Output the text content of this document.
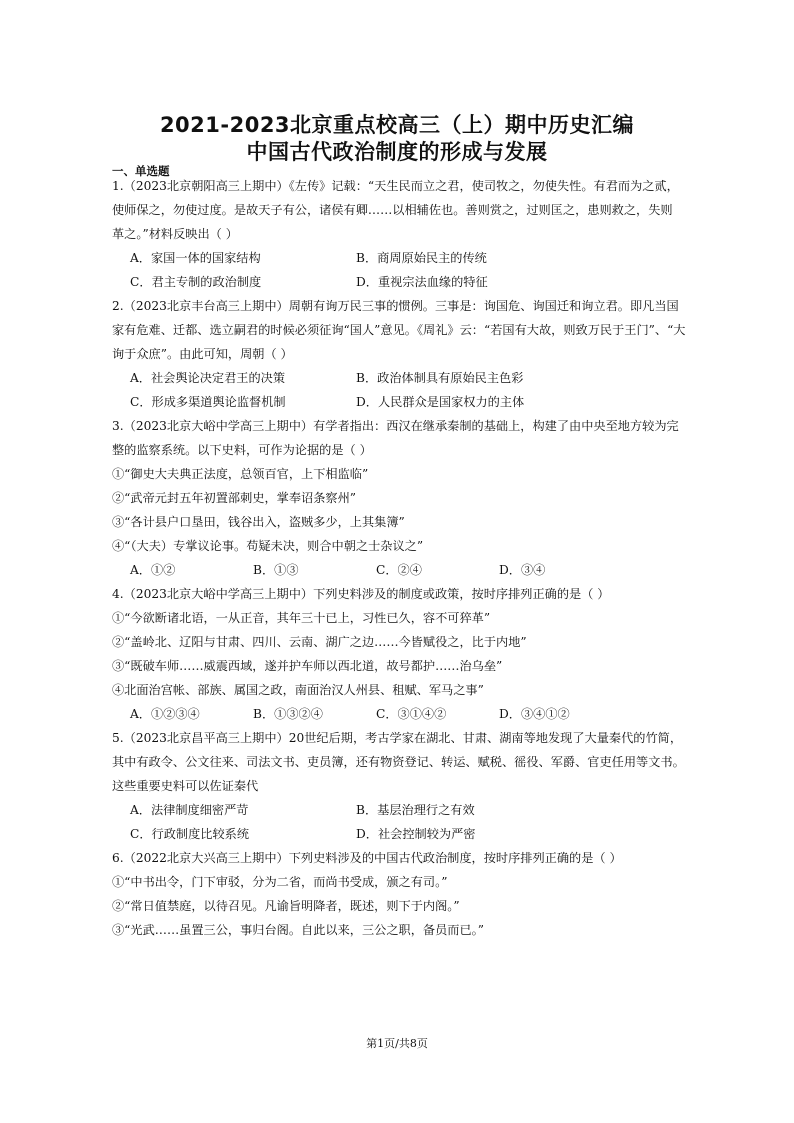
2021-2023北京重点校高三（上）期中历史汇编
中国古代政治制度的形成与发展
一、单选题

1.（2023北京朝阳高三上期中）《左传》记载：“天生民而立之君，使司牧之，勿使失性。有君而为之贰，

使师保之，勿使过度。是故天子有公，诸侯有卿……以相辅佐也。善则赏之，过则匡之，患则救之，失则

革之。”材料反映出（ ）

A．家国一体的国家结构	B．商周原始民主的传统
C．君主专制的政治制度	D．重视宗法血缘的特征

2.（2023北京丰台高三上期中）周朝有询万民三事的惯例。三事是：询国危、询国迁和询立君。即凡当国

家有危难、迁都、选立嗣君的时候必须征询“国人”意见。《周礼》云：“若国有大故，则致万民于王门”、“大

询于众庶”。由此可知，周朝（ ）

A．社会舆论决定君王的决策	B．政治体制具有原始民主色彩
C．形成多渠道舆论监督机制	D．人民群众是国家权力的主体

3.（2023北京大峪中学高三上期中）有学者指出：西汉在继承秦制的基础上，构建了由中央至地方较为完

整的监察系统。以下史料，可作为论据的是（ ）

①“御史大夫典正法度，总领百官，上下相监临”

②“武帝元封五年初置部刺史，掌奉诏条察州”

③“各计县户口垦田，钱谷出入，盗贼多少，上其集簿”

④“（大夫）专掌议论事。苟疑未决，则合中朝之士杂议之”

A．①②	B．①③	C．②④	D．③④

4.（2023北京大峪中学高三上期中）下列史料涉及的制度或政策，按时序排列正确的是（ ）

①“今欲断诸北语，一从正音，其年三十已上，习性已久，容不可猝革”

②“盖岭北、辽阳与甘肃、四川、云南、湖广之边……今皆赋役之，比于内地”

③“既破车师……威震西域，遂并护车师以西北道，故号都护……治乌垒”

④北面治宫帐、部族、属国之政，南面治汉人州县、租赋、军马之事”

A．①②③④	B．①③②④	C．③①④②	D．③④①②

5.（2023北京昌平高三上期中）20世纪后期，考古学家在湖北、甘肃、湖南等地发现了大量秦代的竹简，

其中有政令、公文往来、司法文书、吏员簿，还有物资登记、转运、赋税、徭役、军爵、官吏任用等文书。

这些重要史料可以佐证秦代

A．法律制度细密严苛	B．基层治理行之有效
C．行政制度比较系统	D．社会控制较为严密

6.（2022北京大兴高三上期中）下列史料涉及的中国古代政治制度，按时序排列正确的是（ ）

①“中书出令，门下审驳，分为二省，而尚书受成，颁之有司。”

②“常日值禁庭，以待召见。凡谕旨明降者，既述，则下于内阁。”

③“光武……虽置三公，事归台阁。自此以来，三公之职，备员而已。”

第1页/共8页
